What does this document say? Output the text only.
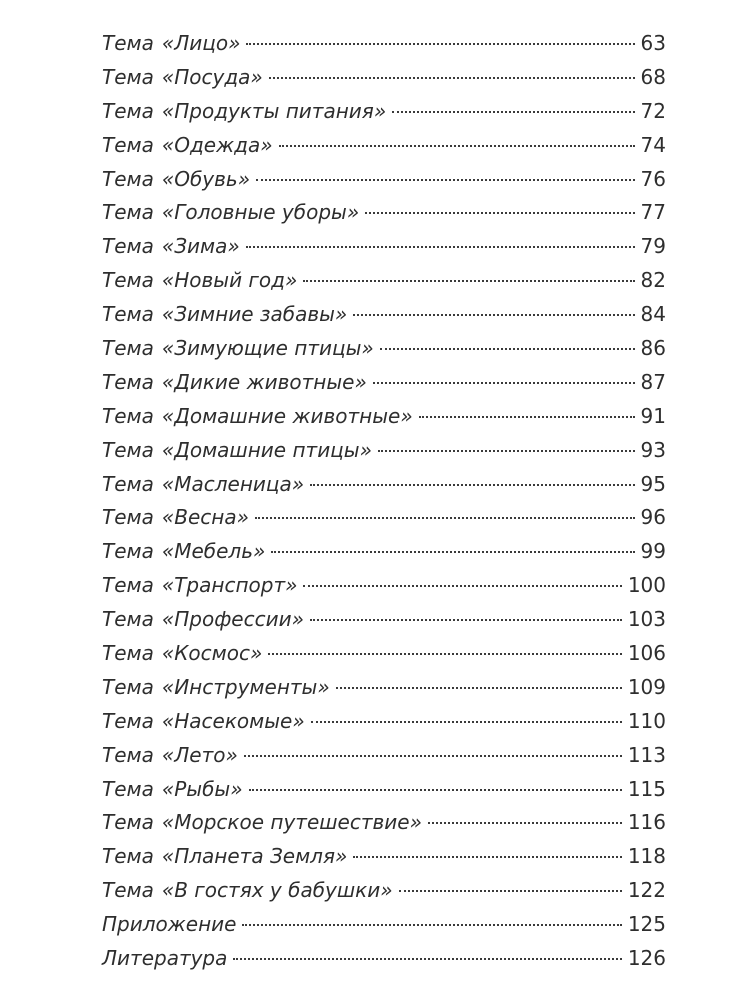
Тема «Лицо»	63
Тема «Посуда»	68
Тема «Продукты питания»	72
Тема «Одежда»	74
Тема «Обувь»	76
Тема «Головные уборы»	77
Тема «Зима»	79
Тема «Новый год»	82
Тема «Зимние забавы»	84
Тема «Зимующие птицы»	86
Тема «Дикие животные»	87
Тема «Домашние животные»	91
Тема «Домашние птицы»	93
Тема «Масленица»	95
Тема «Весна»	96
Тема «Мебель»	99
Тема «Транспорт»	100
Тема «Профессии»	103
Тема «Космос»	106
Тема «Инструменты»	109
Тема «Насекомые»	110
Тема «Лето»	113
Тема «Рыбы»	115
Тема «Морское путешествие»	116
Тема «Планета Земля»	118
Тема «В гостях у бабушки»	122
Приложение	125
Литература	126
